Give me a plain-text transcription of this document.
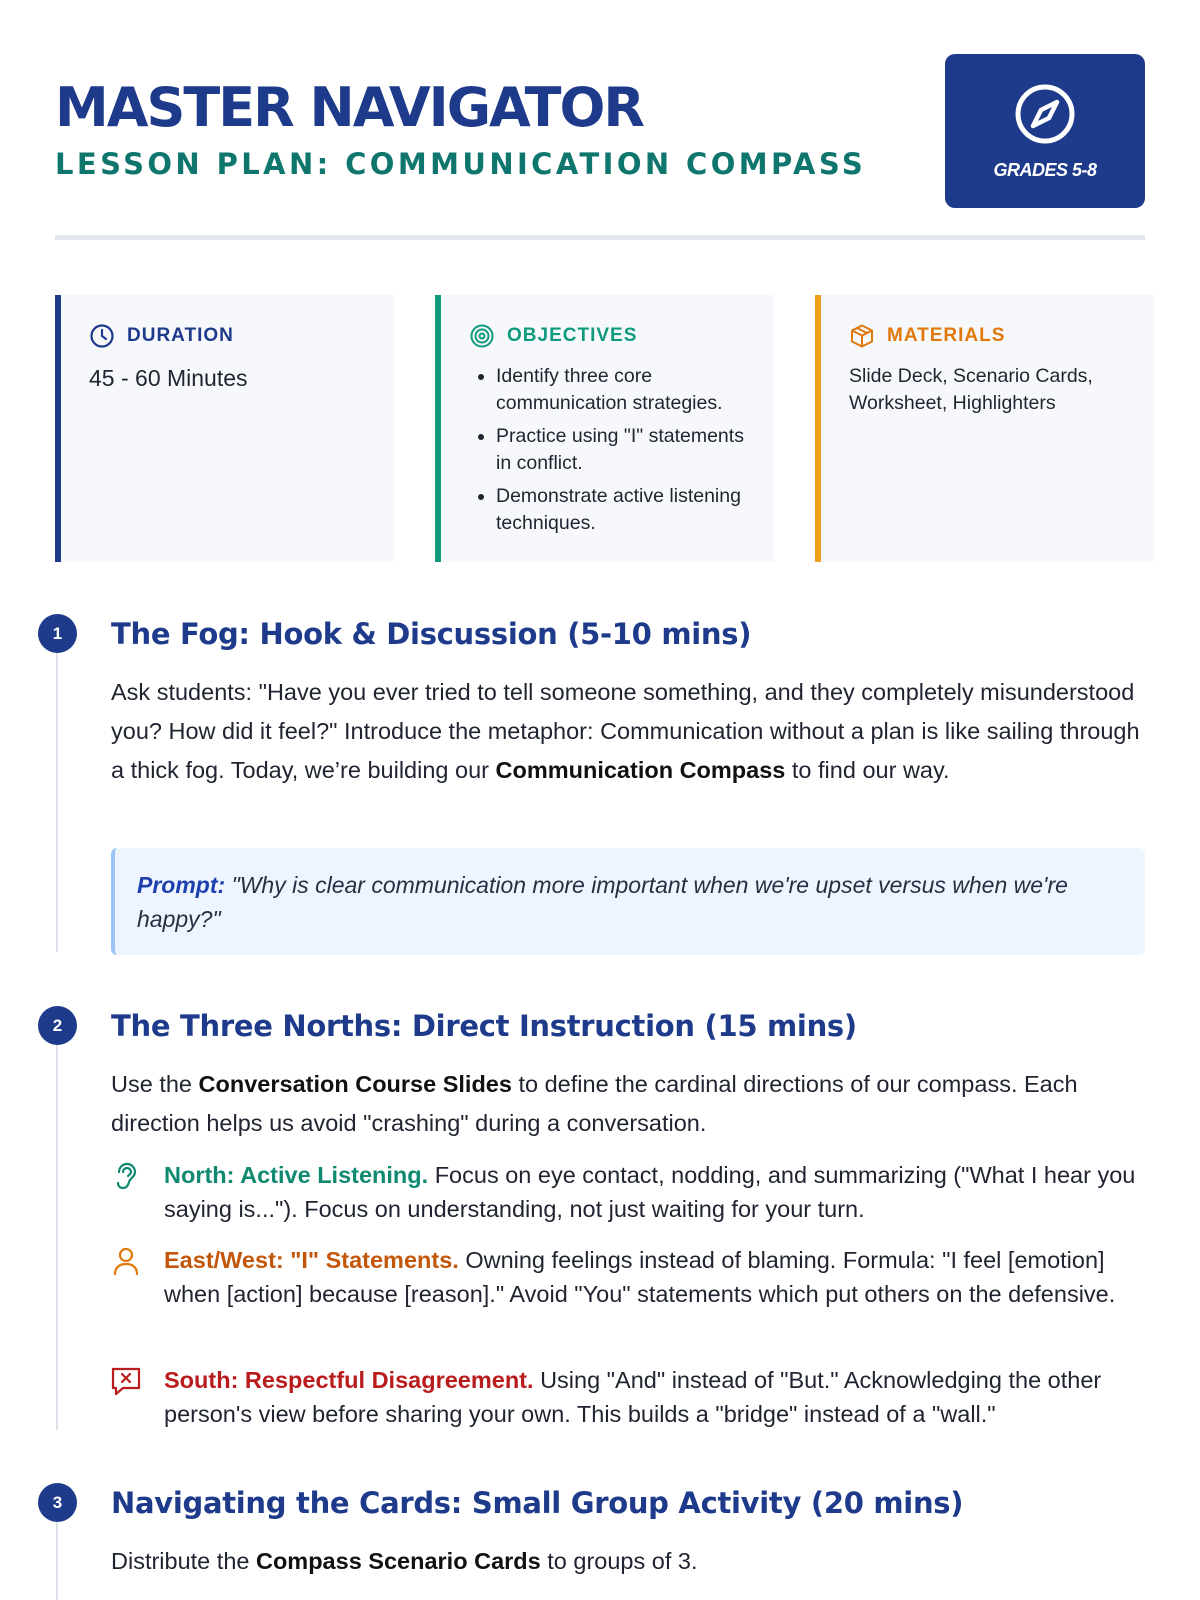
MASTER NAVIGATOR
LESSON PLAN: COMMUNICATION COMPASS	GRADES 5-8
DURATION
45 - 60 Minutes
OBJECTIVES
• Identify three core communication strategies.
• Practice using "I" statements in conflict.
• Demonstrate active listening techniques.
MATERIALS
Slide Deck, Scenario Cards, Worksheet, Highlighters
1	The Fog: Hook & Discussion (5-10 mins)
Ask students: "Have you ever tried to tell someone something, and they completely misunderstood you? How did it feel?" Introduce the metaphor: Communication without a plan is like sailing through a thick fog. Today, we’re building our Communication Compass to find our way.
Prompt: "Why is clear communication more important when we're upset versus when we're happy?"
2	The Three Norths: Direct Instruction (15 mins)
Use the Conversation Course Slides to define the cardinal directions of our compass. Each direction helps us avoid "crashing" during a conversation.
North: Active Listening. Focus on eye contact, nodding, and summarizing ("What I hear you saying is..."). Focus on understanding, not just waiting for your turn.
East/West: "I" Statements. Owning feelings instead of blaming. Formula: "I feel [emotion] when [action] because [reason]." Avoid "You" statements which put others on the defensive.
South: Respectful Disagreement. Using "And" instead of "But." Acknowledging the other person's view before sharing your own. This builds a "bridge" instead of a "wall."
3	Navigating the Cards: Small Group Activity (20 mins)
Distribute the Compass Scenario Cards to groups of 3.
